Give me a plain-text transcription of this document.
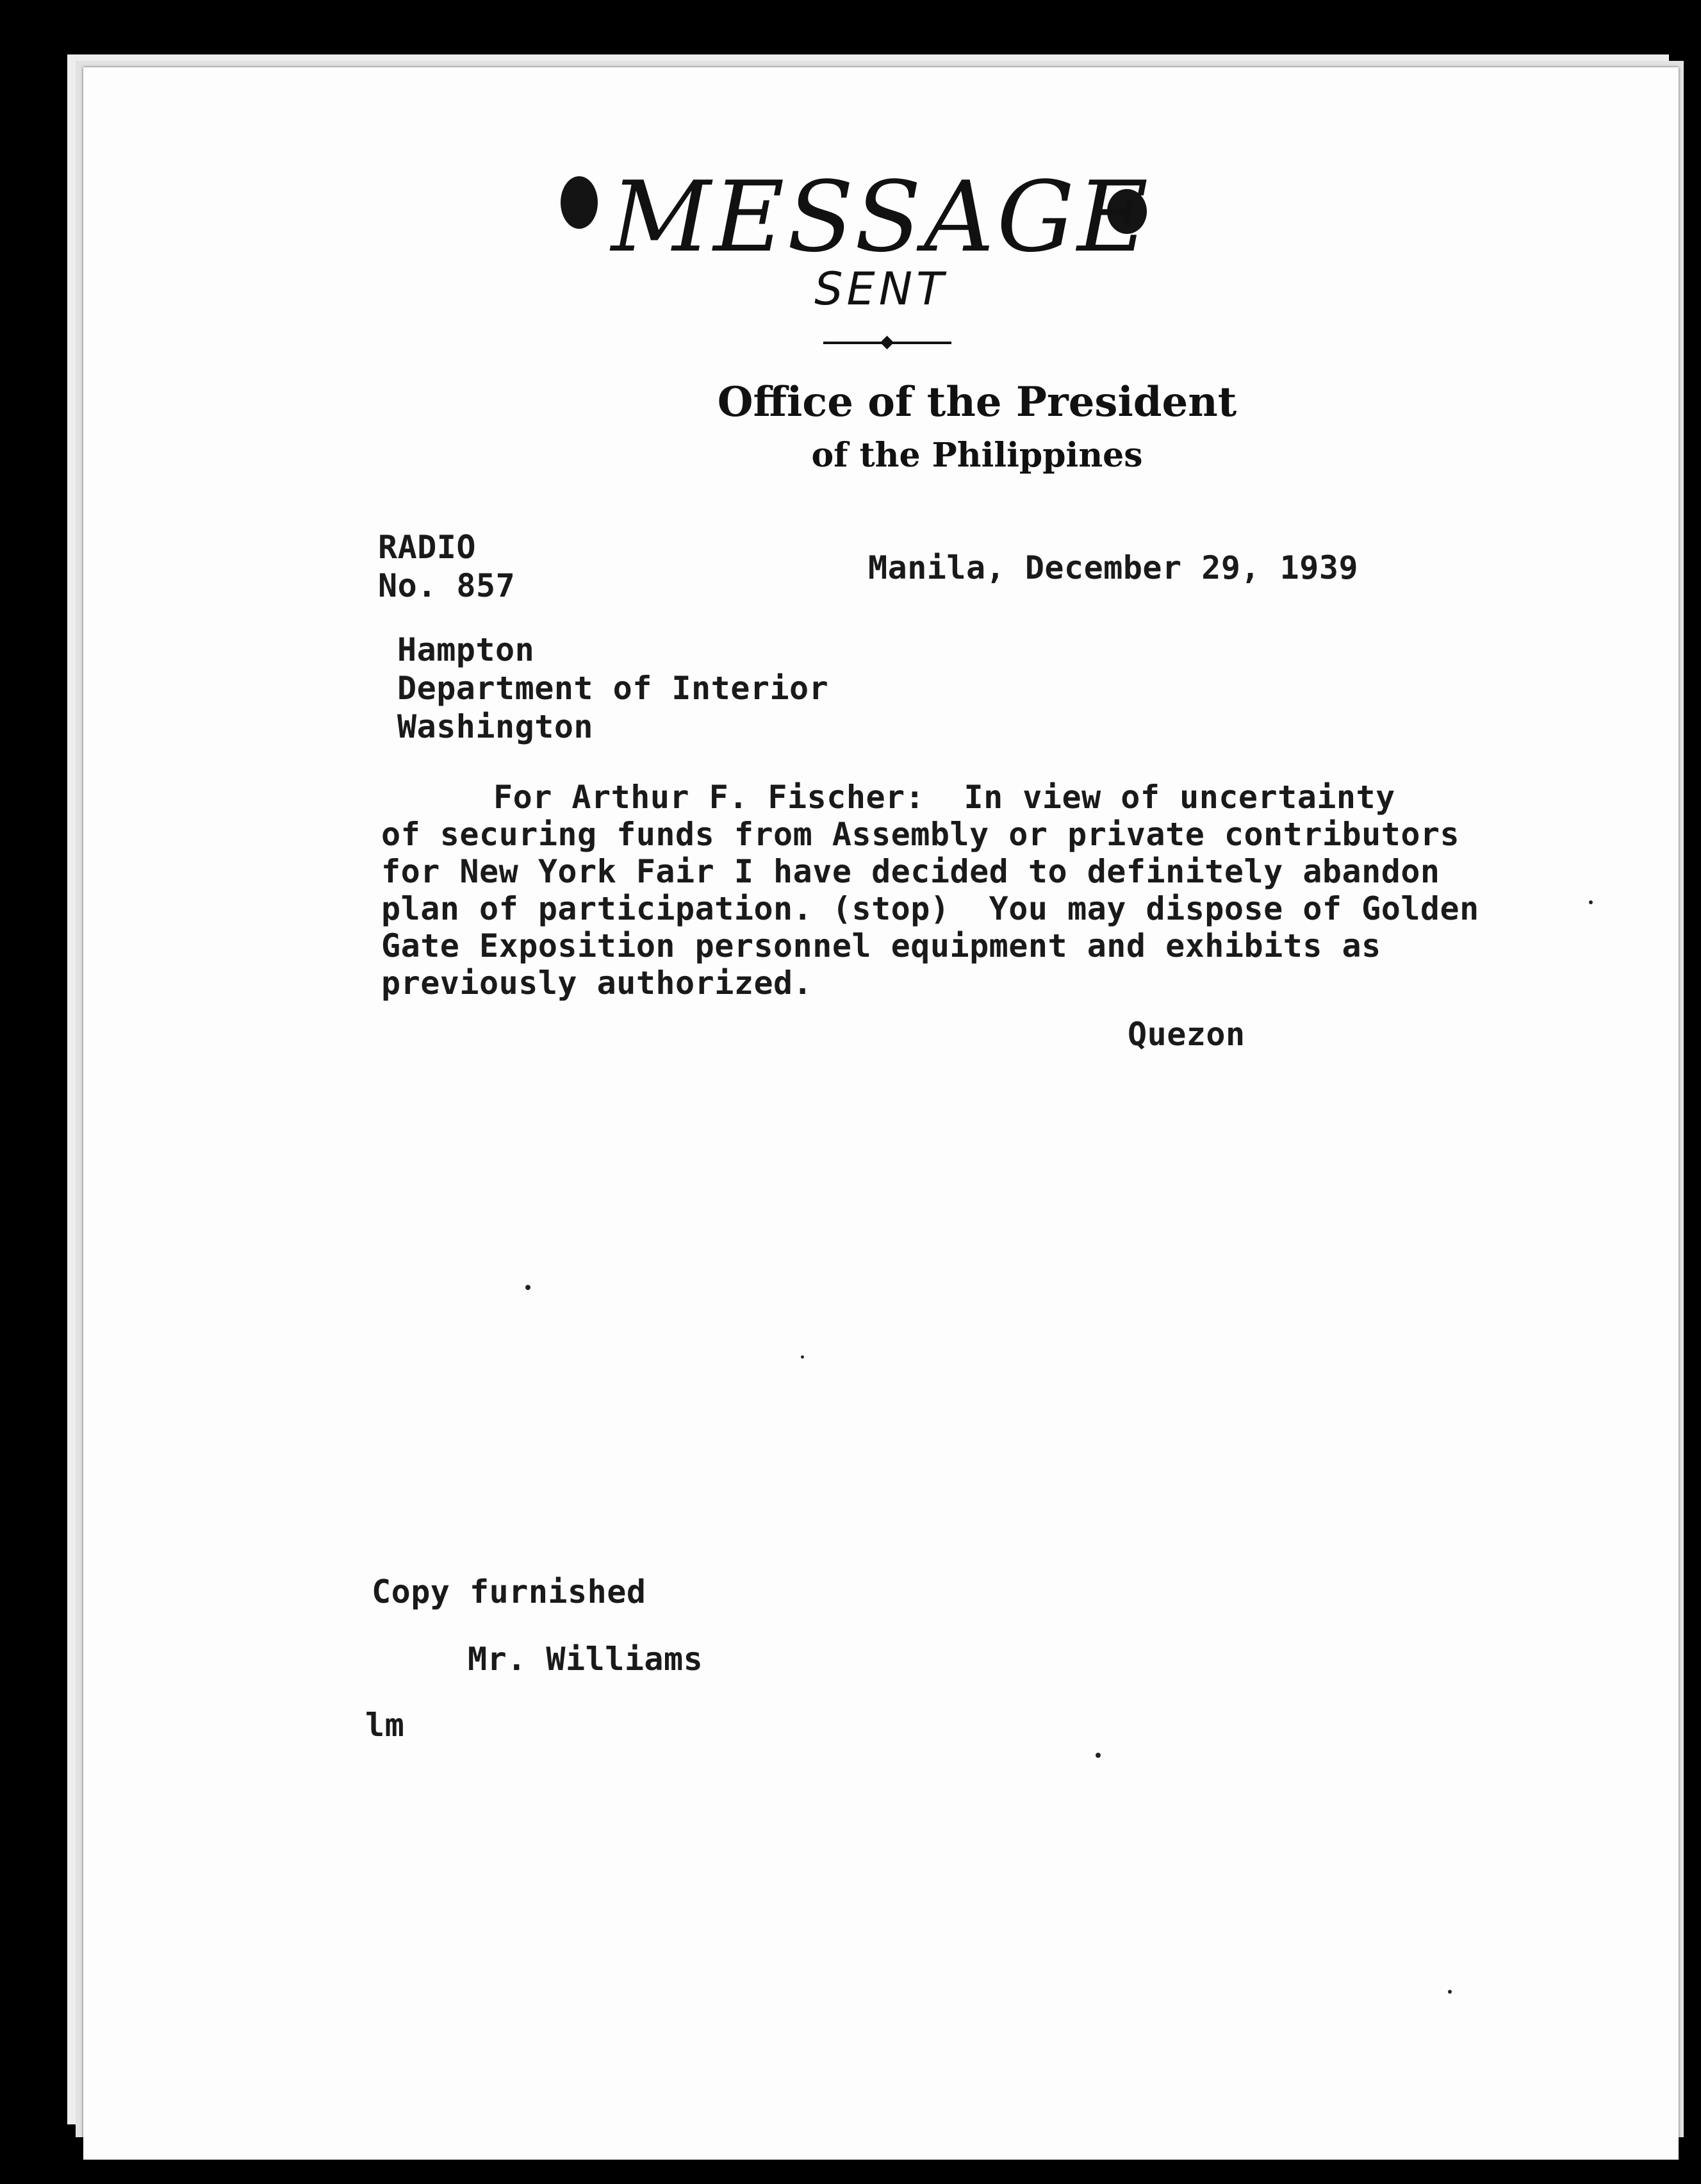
MESSAGE
SENT
Office of the President
of the Philippines
RADIO
No. 857	Manila, December 29, 1939
Hampton
Department of Interior
Washington
For Arthur F. Fischer:  In view of uncertainty
of securing funds from Assembly or private contributors
for New York Fair I have decided to definitely abandon
plan of participation. (stop)  You may dispose of Golden
Gate Exposition personnel equipment and exhibits as
previously authorized.
Quezon
Copy furnished
Mr. Williams
lm
